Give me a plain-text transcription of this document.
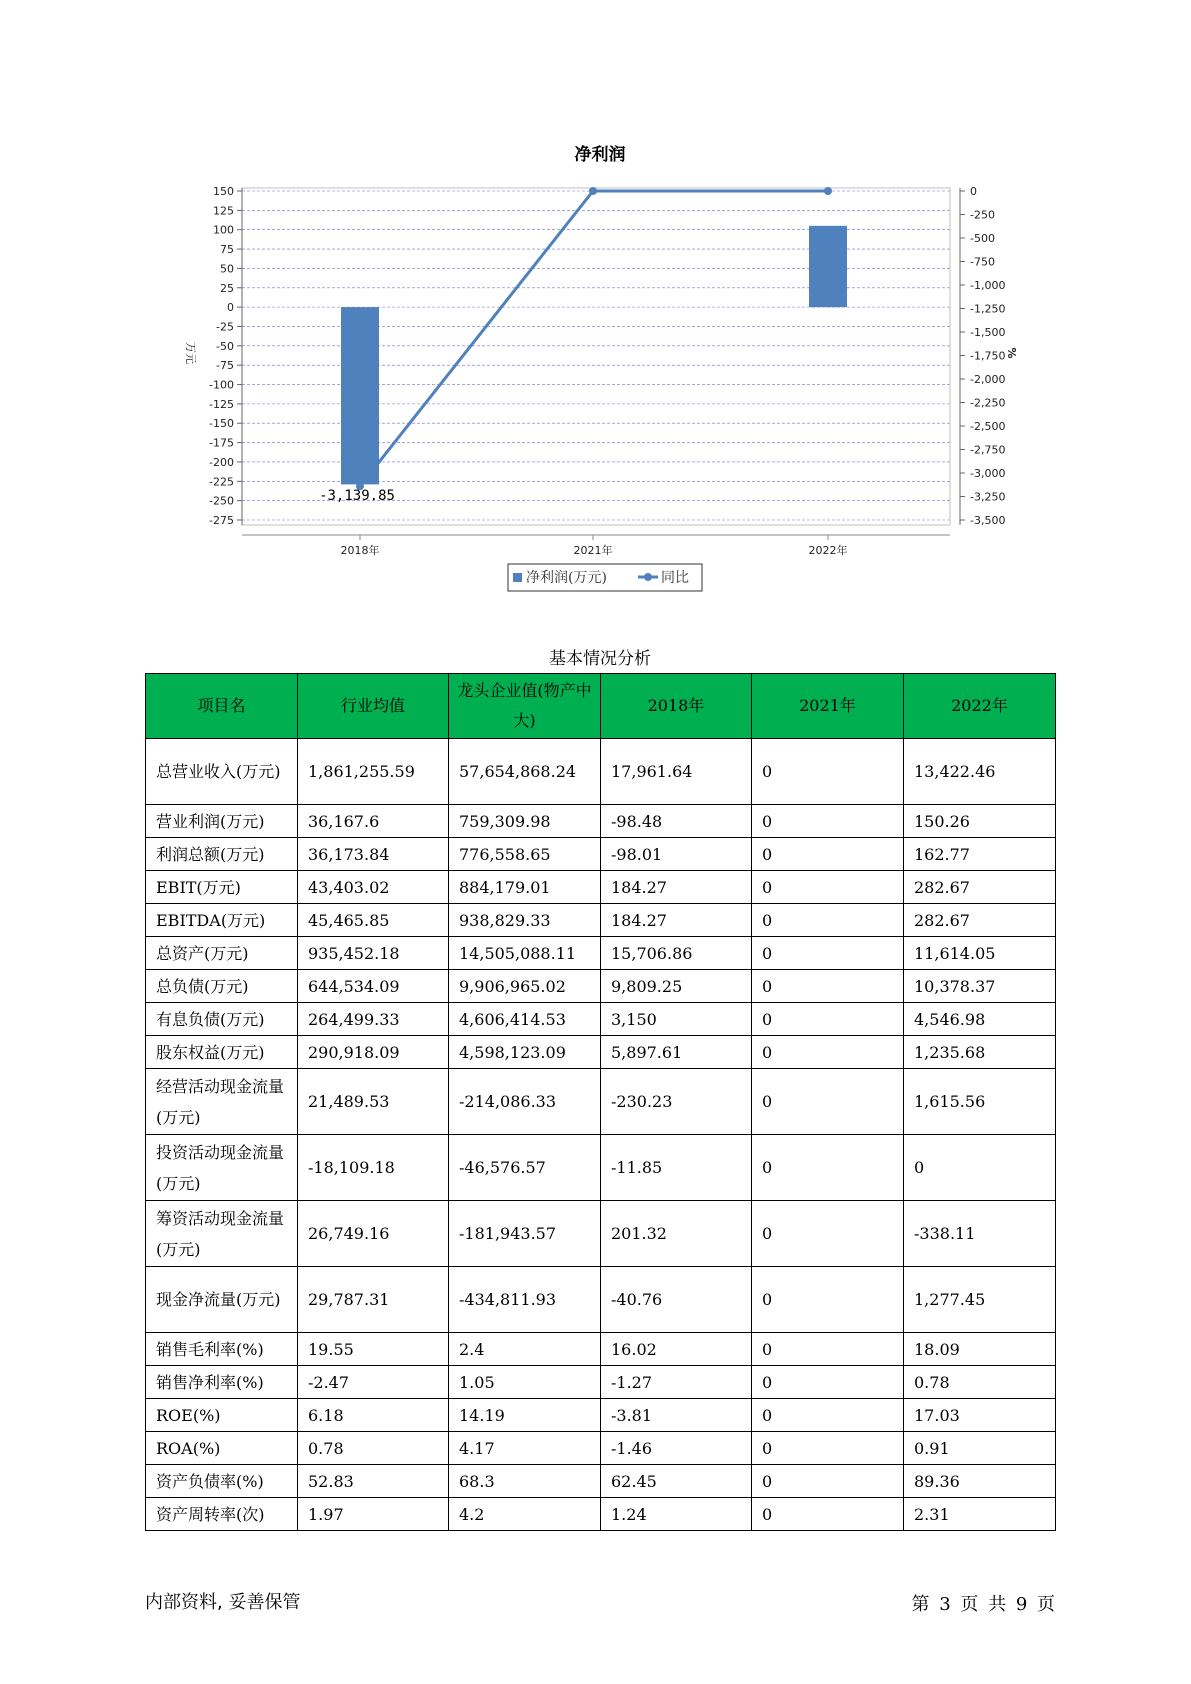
净利润
150
125
100
75
50
25
0
-25
-50
-75
-100
-125
-150
-175
-200
-225
-250
-275
0
-250
-500
-750
-1,000
-1,250
-1,500
-1,750
-2,000
-2,250
-2,500
-2,750
-3,000
-3,250
-3,500
2018年	2021年	2022年
-3,139.85
万元	%
净利润(万元)	同比
基本情况分析
项目名	行业均值	龙头企业值(物产中大)	2018年	2021年	2022年
总营业收入(万元)	1,861,255.59	57,654,868.24	17,961.64	0	13,422.46
营业利润(万元)	36,167.6	759,309.98	-98.48	0	150.26
利润总额(万元)	36,173.84	776,558.65	-98.01	0	162.77
EBIT(万元)	43,403.02	884,179.01	184.27	0	282.67
EBITDA(万元)	45,465.85	938,829.33	184.27	0	282.67
总资产(万元)	935,452.18	14,505,088.11	15,706.86	0	11,614.05
总负债(万元)	644,534.09	9,906,965.02	9,809.25	0	10,378.37
有息负债(万元)	264,499.33	4,606,414.53	3,150	0	4,546.98
股东权益(万元)	290,918.09	4,598,123.09	5,897.61	0	1,235.68
经营活动现金流量(万元)	21,489.53	-214,086.33	-230.23	0	1,615.56
投资活动现金流量(万元)	-18,109.18	-46,576.57	-11.85	0	0
筹资活动现金流量(万元)	26,749.16	-181,943.57	201.32	0	-338.11
现金净流量(万元)	29,787.31	-434,811.93	-40.76	0	1,277.45
销售毛利率(%)	19.55	2.4	16.02	0	18.09
销售净利率(%)	-2.47	1.05	-1.27	0	0.78
ROE(%)	6.18	14.19	-3.81	0	17.03
ROA(%)	0.78	4.17	-1.46	0	0.91
资产负债率(%)	52.83	68.3	62.45	0	89.36
资产周转率(次)	1.97	4.2	1.24	0	2.31
内部资料, 妥善保管	第 3 页 共 9 页
